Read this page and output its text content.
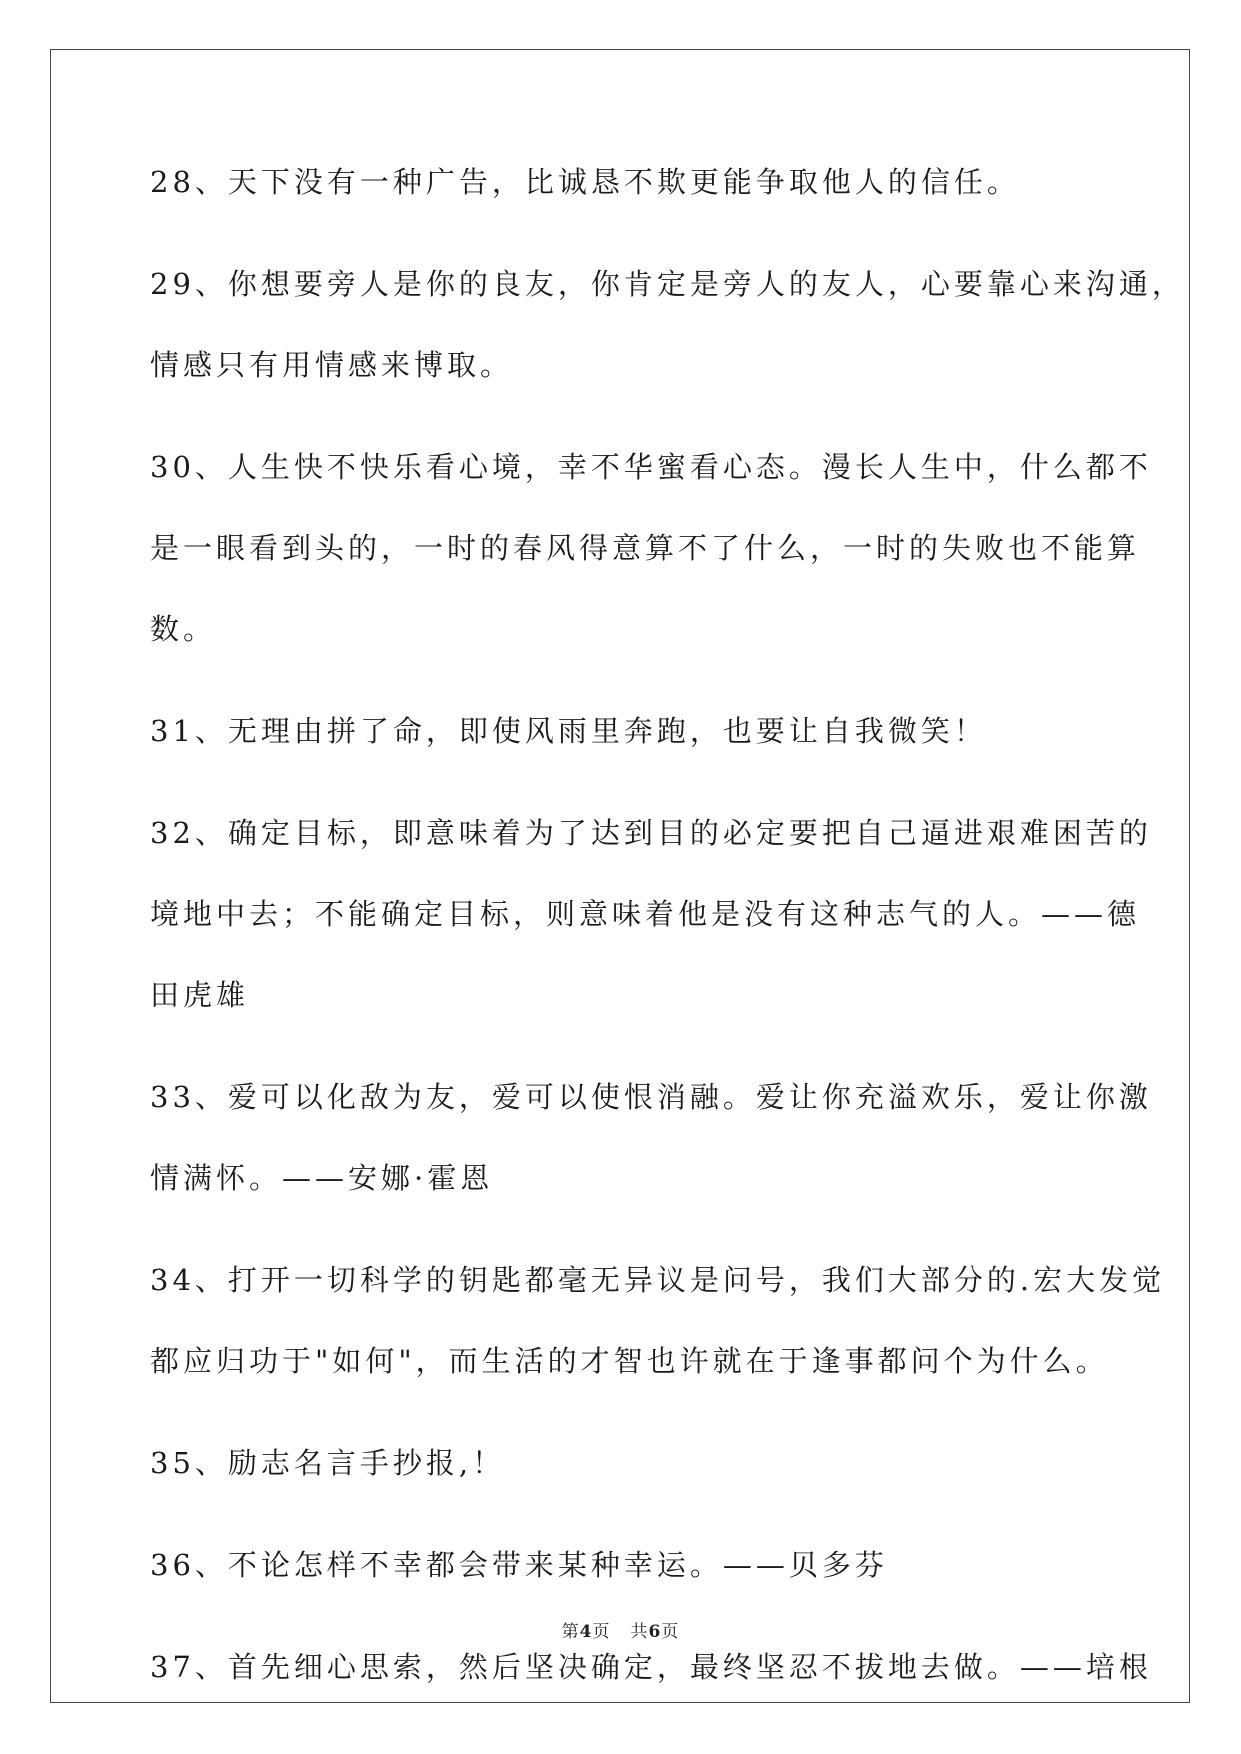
28、天下没有一种广告，比诚恳不欺更能争取他人的信任。
29、你想要旁人是你的良友，你肯定是旁人的友人，心要靠心来沟通，
情感只有用情感来博取。
30、人生快不快乐看心境，幸不华蜜看心态。漫长人生中，什么都不
是一眼看到头的，一时的春风得意算不了什么，一时的失败也不能算
数。
31、无理由拼了命，即使风雨里奔跑，也要让自我微笑！
32、确定目标，即意味着为了达到目的必定要把自己逼进艰难困苦的
境地中去；不能确定目标，则意味着他是没有这种志气的人。——德
田虎雄
33、爱可以化敌为友，爱可以使恨消融。爱让你充溢欢乐，爱让你激
情满怀。——安娜·霍恩
34、打开一切科学的钥匙都毫无异议是问号，我们大部分的.宏大发觉
都应归功于"如何"，而生活的才智也许就在于逢事都问个为什么。
35、励志名言手抄报,！
36、不论怎样不幸都会带来某种幸运。——贝多芬
37、首先细心思索，然后坚决确定，最终坚忍不拔地去做。——培根
第4页 共6页
